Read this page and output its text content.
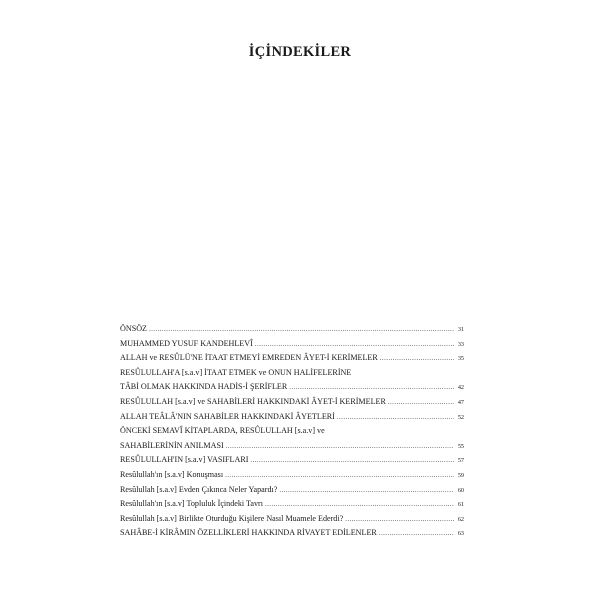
İÇİNDEKİLER
ÖNSÖZ .....	31
MUHAMMED YUSUF KANDEHLEVÎ .....	33
ALLAH ve RESÛLÜ'NE İTAAT ETMEYİ EMREDEN ÂYET-İ KERİMELER .....	35
RESÛLULLAH'A [s.a.v] İTAAT ETMEK ve ONUN HALİFELERİNE
TÂBİ OLMAK HAKKINDA HADİS-İ ŞERİFLER .....	42
RESÛLULLAH [s.a.v] ve SAHABİLERİ HAKKINDAKİ ÂYET-İ KERİMELER .....	47
ALLAH TEÂLÂ'NIN SAHABİLER HAKKINDAKİ ÂYETLERİ .....	52
ÖNCEKİ SEMAVÎ KİTAPLARDA, RESÛLULLAH [s.a.v] ve
SAHABİLERİNİN ANILMASI .....	55
RESÛLULLAH'IN [s.a.v] VASIFLARI .....	57
Resûlullah'ın [s.a.v] Konuşması .....	59
Resûlullah [s.a.v] Evden Çıkınca Neler Yapardı? .....	60
Resûlullah'ın [s.a.v] Topluluk İçindeki Tavrı .....	61
Resûlullah [s.a.v] Birlikte Oturduğu Kişilere Nasıl Muamele Ederdi? .....	62
SAHÂBE-İ KİRÂMIN ÖZELLİKLERİ HAKKINDA RİVAYET EDİLENLER .....	63
